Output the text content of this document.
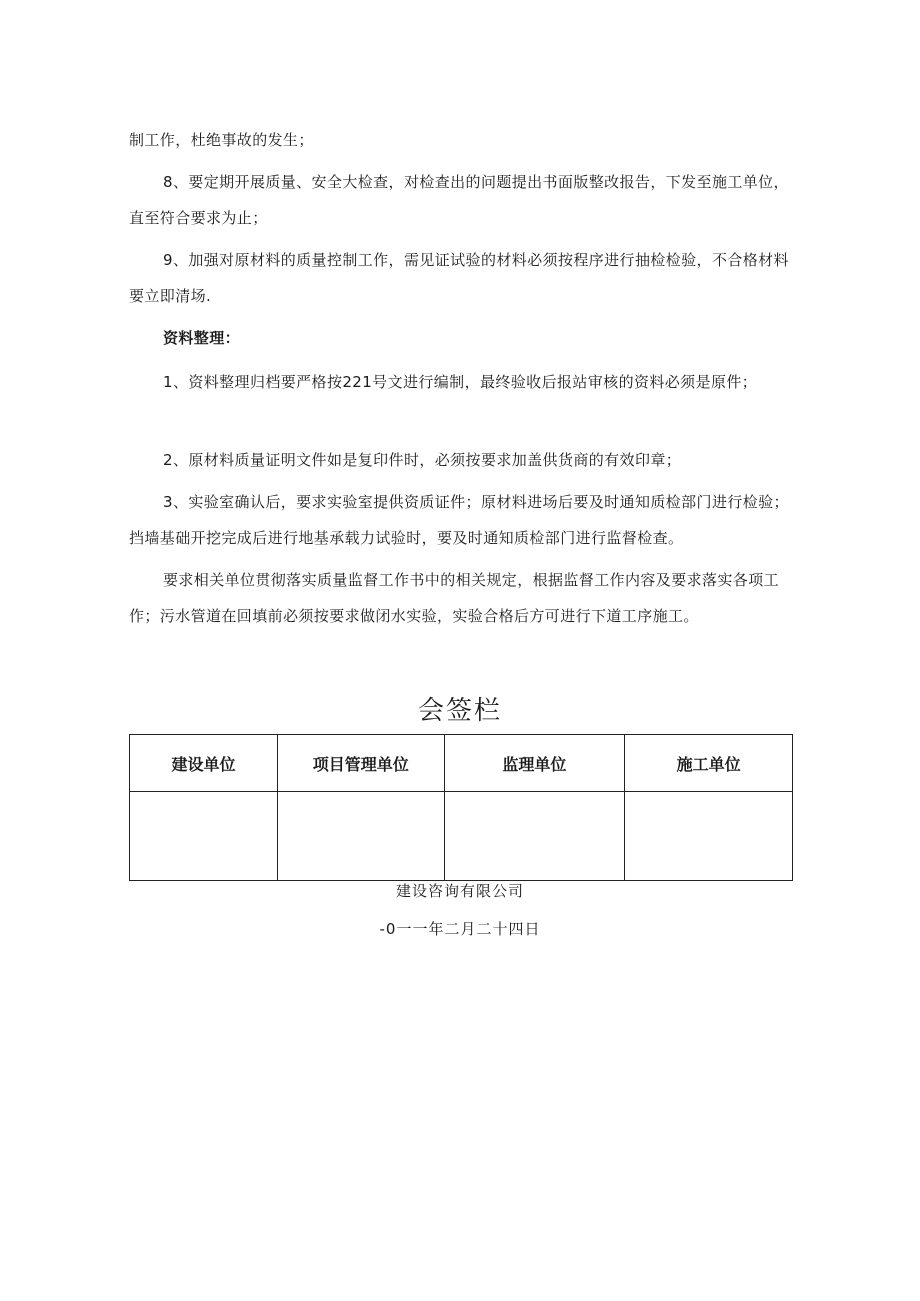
制工作，杜绝事故的发生；

8、要定期开展质量、安全大检查，对检查出的问题提出书面版整改报告，下发至施工单位，直至符合要求为止；

9、加强对原材料的质量控制工作，需见证试验的材料必须按程序进行抽检检验，不合格材料要立即清场.

资料整理：

1、资料整理归档要严格按221号文进行编制，最终验收后报站审核的资料必须是原件；

2、原材料质量证明文件如是复印件时，必须按要求加盖供货商的有效印章；

3、实验室确认后，要求实验室提供资质证件；原材料进场后要及时通知质检部门进行检验；挡墙基础开挖完成后进行地基承载力试验时，要及时通知质检部门进行监督检查。

要求相关单位贯彻落实质量监督工作书中的相关规定，根据监督工作内容及要求落实各项工作；污水管道在回填前必须按要求做闭水实验，实验合格后方可进行下道工序施工。

会签栏
建设单位	项目管理单位	监理单位	施工单位

建设咨询有限公司
-0一一年二月二十四日
